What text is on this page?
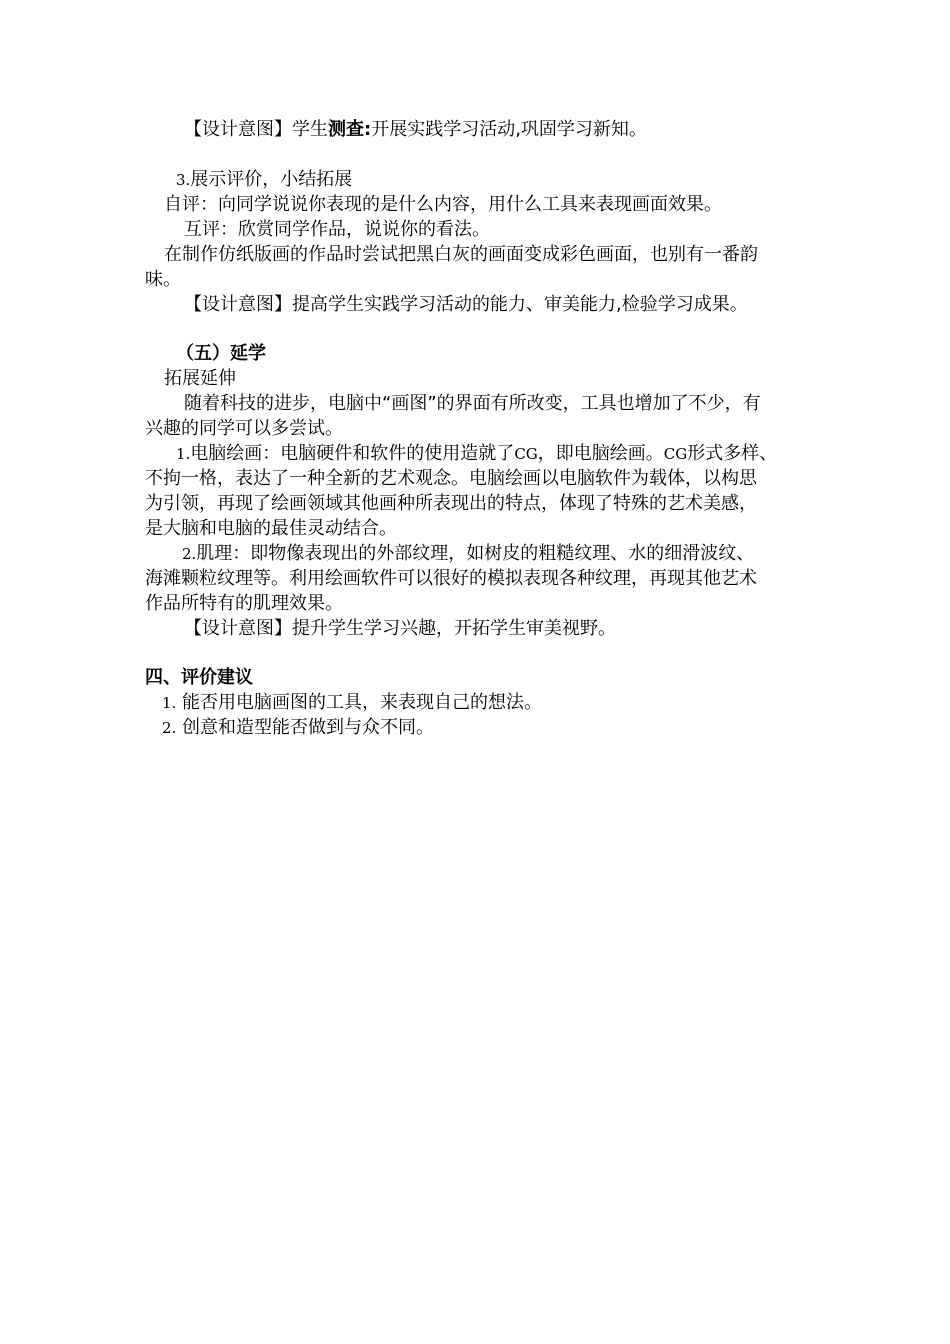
【设计意图】学生测查:开展实践学习活动,巩固学习新知。
3.展示评价，小结拓展
自评：向同学说说你表现的是什么内容，用什么工具来表现画面效果。
互评：欣赏同学作品，说说你的看法。
在制作仿纸版画的作品时尝试把黑白灰的画面变成彩色画面，也别有一番韵
味。
【设计意图】提高学生实践学习活动的能力、审美能力,检验学习成果。
（五）延学
拓展延伸
随着科技的进步，电脑中“画图”的界面有所改变，工具也增加了不少，有
兴趣的同学可以多尝试。
1.电脑绘画：电脑硬件和软件的使用造就了CG，即电脑绘画。CG形式多样、
不拘一格，表达了一种全新的艺术观念。电脑绘画以电脑软件为载体，以构思
为引领，再现了绘画领域其他画种所表现出的特点，体现了特殊的艺术美感，
是大脑和电脑的最佳灵动结合。
2.肌理：即物像表现出的外部纹理，如树皮的粗糙纹理、水的细滑波纹、
海滩颗粒纹理等。利用绘画软件可以很好的模拟表现各种纹理，再现其他艺术
作品所特有的肌理效果。
【设计意图】提升学生学习兴趣，开拓学生审美视野。
四、评价建议
1. 能否用电脑画图的工具，来表现自己的想法。
2. 创意和造型能否做到与众不同。
